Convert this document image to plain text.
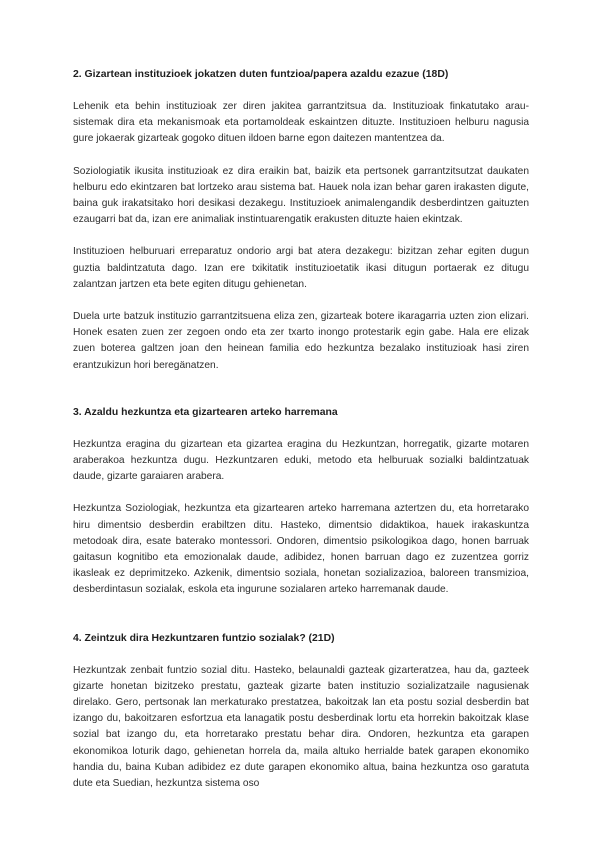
2. Gizartean instituzioek jokatzen duten funtzioa/papera azaldu ezazue (18D)

Lehenik eta behin instituzioak zer diren jakitea garrantzitsua da. Instituzioak finkatutako arau-sistemak dira eta mekanismoak eta portamoldeak eskaintzen dituzte. Instituzioen helburu nagusia gure jokaerak gizarteak gogoko dituen ildoen barne egon daitezen mantentzea da.

Soziologiatik ikusita instituzioak ez dira eraikin bat, baizik eta pertsonek garrantzitsutzat daukaten helburu edo ekintzaren bat lortzeko arau sistema bat. Hauek nola izan behar garen irakasten digute, baina guk irakatsitako hori desikasi dezakegu. Instituzioek animalengandik desberdintzen gaituzten ezaugarri bat da, izan ere animaliak instintuarengatik erakusten dituzte haien ekintzak.

Instituzioen helburuari erreparatuz ondorio argi bat atera dezakegu: bizitzan zehar egiten dugun guztia baldintzatuta dago. Izan ere txikitatik instituzioetatik ikasi ditugun portaerak ez ditugu zalantzan jartzen eta bete egiten ditugu gehienetan.

Duela urte batzuk instituzio garrantzitsuena eliza zen, gizarteak botere ikaragarria uzten zion elizari. Honek esaten zuen zer zegoen ondo eta zer txarto inongo protestarik egin gabe. Hala ere elizak zuen boterea galtzen joan den heinean familia edo hezkuntza bezalako instituzioak hasi ziren erantzukizun hori beregänatzen.

3. Azaldu hezkuntza eta gizartearen arteko harremana

Hezkuntza eragina du gizartean eta gizartea eragina du Hezkuntzan, horregatik, gizarte motaren araberakoa hezkuntza dugu. Hezkuntzaren eduki, metodo eta helburuak sozialki baldintzatuak daude, gizarte garaiaren arabera.

Hezkuntza Soziologiak, hezkuntza eta gizartearen arteko harremana aztertzen du, eta horretarako hiru dimentsio desberdin erabiltzen ditu. Hasteko, dimentsio didaktikoa, hauek irakaskuntza metodoak dira, esate baterako montessori. Ondoren, dimentsio psikologikoa dago, honen barruak gaitasun kognitibo eta emozionalak daude, adibidez, honen barruan dago ez zuzentzea gorriz ikasleak ez deprimitzeko. Azkenik, dimentsio soziala, honetan sozializazioa, baloreen transmizioa, desberdintasun sozialak, eskola eta ingurune sozialaren arteko harremanak daude.

4. Zeintzuk dira Hezkuntzaren funtzio sozialak? (21D)

Hezkuntzak zenbait funtzio sozial ditu. Hasteko, belaunaldi gazteak gizarteratzea, hau da, gazteek gizarte honetan bizitzeko prestatu, gazteak gizarte baten instituzio sozializatzaile nagusienak direlako. Gero, pertsonak lan merkaturako prestatzea, bakoitzak lan eta postu sozial desberdin bat izango du, bakoitzaren esfortzua eta lanagatik postu desberdinak lortu eta horrekin bakoitzak klase sozial bat izango du, eta horretarako prestatu behar dira. Ondoren, hezkuntza eta garapen ekonomikoa loturik dago, gehienetan horrela da, maila altuko herrialde batek garapen ekonomiko handia du, baina Kuban adibidez ez dute garapen ekonomiko altua, baina hezkuntza oso garatuta dute eta Suedian, hezkuntza sistema oso
